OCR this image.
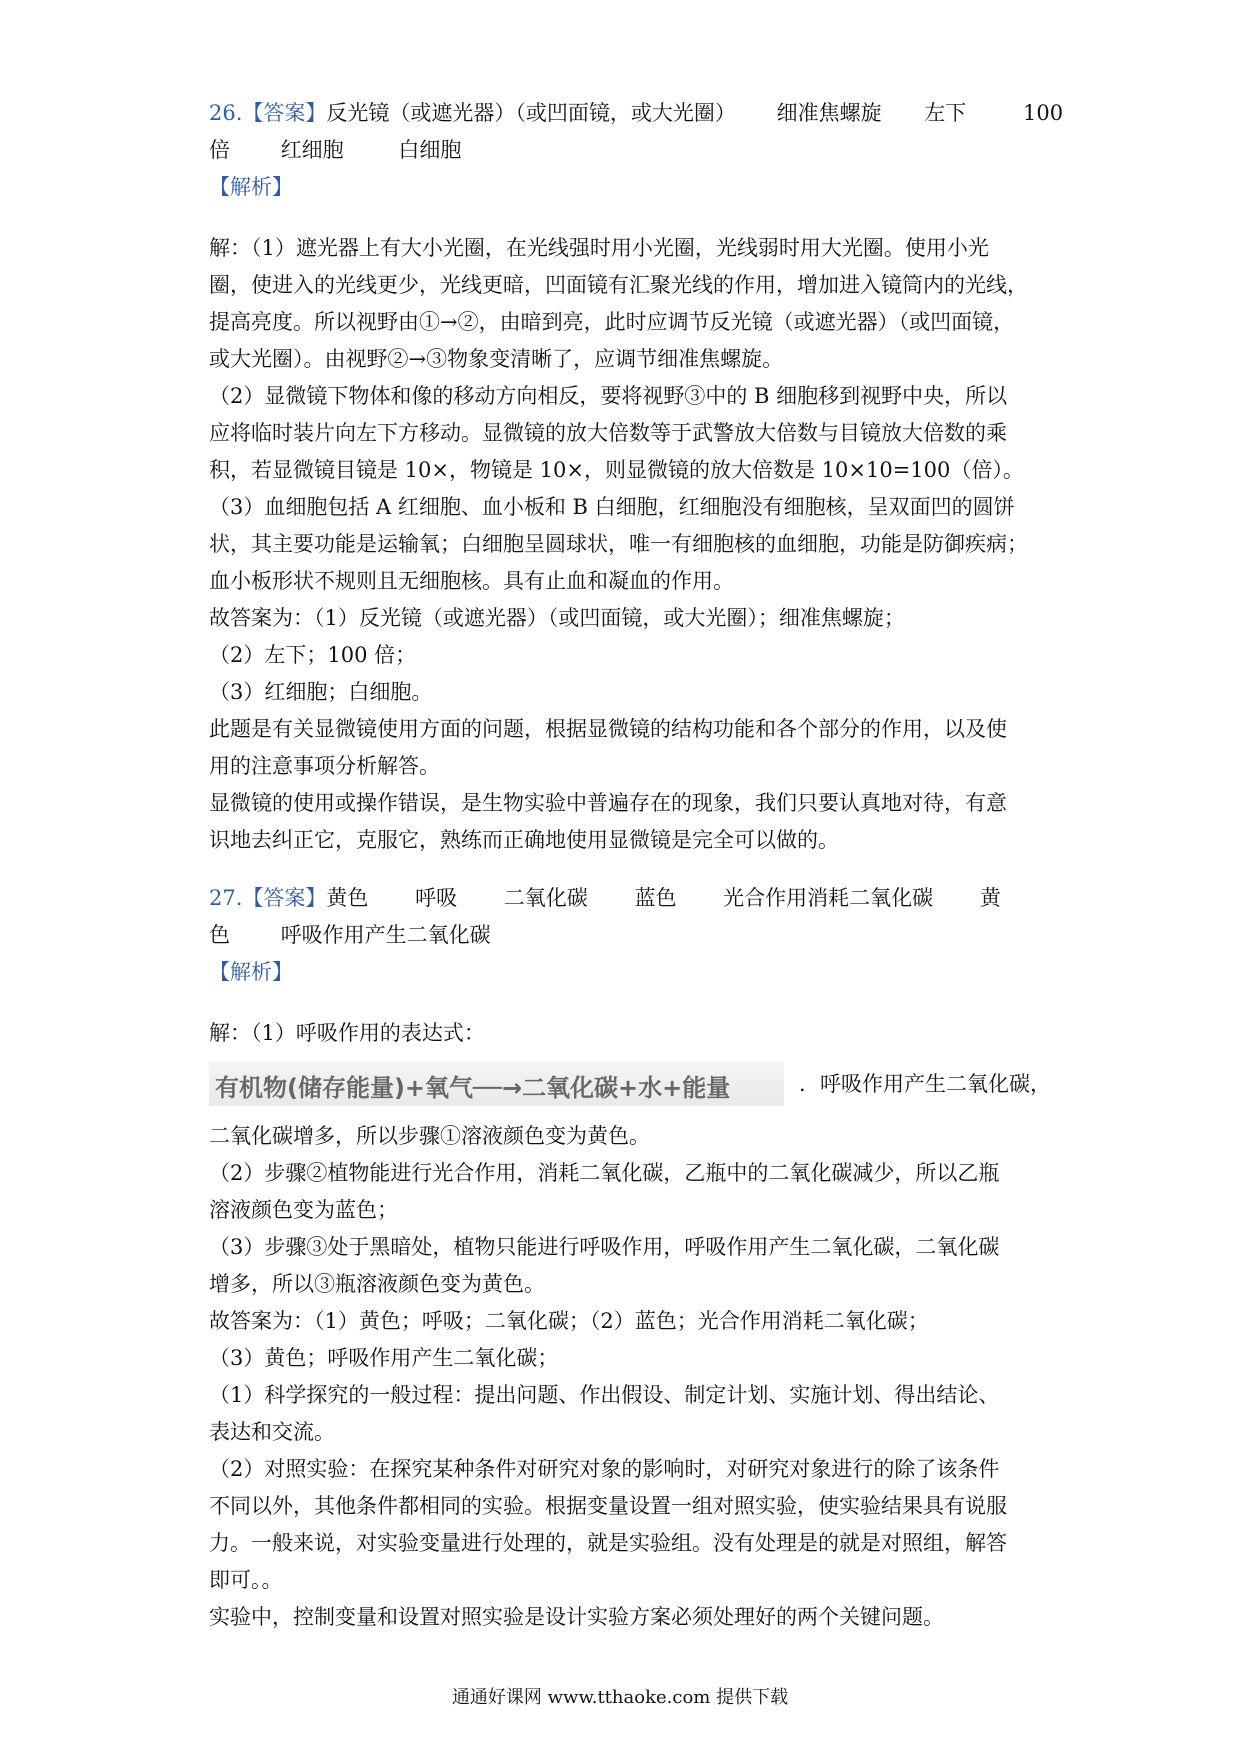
26.【答案】反光镜（或遮光器）（或凹面镜，或大光圈） 细准焦螺旋 左下	100
倍 红细胞	白细胞
【解析】
解：（1）遮光器上有大小光圈，在光线强时用小光圈，光线弱时用大光圈。使用小光
圈，使进入的光线更少，光线更暗，凹面镜有汇聚光线的作用，增加进入镜筒内的光线，
提高亮度。所以视野由①→②，由暗到亮，此时应调节反光镜（或遮光器）（或凹面镜，
或大光圈）。由视野②→③物象变清晰了，应调节细准焦螺旋。
（2）显微镜下物体和像的移动方向相反，要将视野③中的 B 细胞移到视野中央，所以
应将临时装片向左下方移动。显微镜的放大倍数等于武警放大倍数与目镜放大倍数的乘
积，若显微镜目镜是 10×，物镜是 10×，则显微镜的放大倍数是 10×10=100（倍）。
（3）血细胞包括 A 红细胞、血小板和 B 白细胞，红细胞没有细胞核，呈双面凹的圆饼
状，其主要功能是运输氧；白细胞呈圆球状，唯一有细胞核的血细胞，功能是防御疾病；
血小板形状不规则且无细胞核。具有止血和凝血的作用。
故答案为：（1）反光镜（或遮光器）（或凹面镜，或大光圈）；细准焦螺旋；
（2）左下；100 倍；
（3）红细胞；白细胞。
此题是有关显微镜使用方面的问题，根据显微镜的结构功能和各个部分的作用，以及使
用的注意事项分析解答。
显微镜的使用或操作错误，是生物实验中普遍存在的现象，我们只要认真地对待，有意
识地去纠正它，克服它，熟练而正确地使用显微镜是完全可以做的。
27.【答案】黄色 呼吸 二氧化碳 蓝色 光合作用消耗二氧化碳 黄
色 呼吸作用产生二氧化碳
【解析】
解：（1）呼吸作用的表达式：
有机物(储存能量)+氧气──→二氧化碳+水+能量	．呼吸作用产生二氧化碳，
二氧化碳增多，所以步骤①溶液颜色变为黄色。
（2）步骤②植物能进行光合作用，消耗二氧化碳，乙瓶中的二氧化碳减少，所以乙瓶
溶液颜色变为蓝色；
（3）步骤③处于黑暗处，植物只能进行呼吸作用，呼吸作用产生二氧化碳，二氧化碳
增多，所以③瓶溶液颜色变为黄色。
故答案为：（1）黄色；呼吸；二氧化碳；（2）蓝色；光合作用消耗二氧化碳；
（3）黄色；呼吸作用产生二氧化碳；
（1）科学探究的一般过程：提出问题、作出假设、制定计划、实施计划、得出结论、
表达和交流。
（2）对照实验：在探究某种条件对研究对象的影响时，对研究对象进行的除了该条件
不同以外，其他条件都相同的实验。根据变量设置一组对照实验，使实验结果具有说服
力。一般来说，对实验变量进行处理的，就是实验组。没有处理是的就是对照组，解答
即可。。
实验中，控制变量和设置对照实验是设计实验方案必须处理好的两个关键问题。
通通好课网 www.tthaoke.com 提供下载
